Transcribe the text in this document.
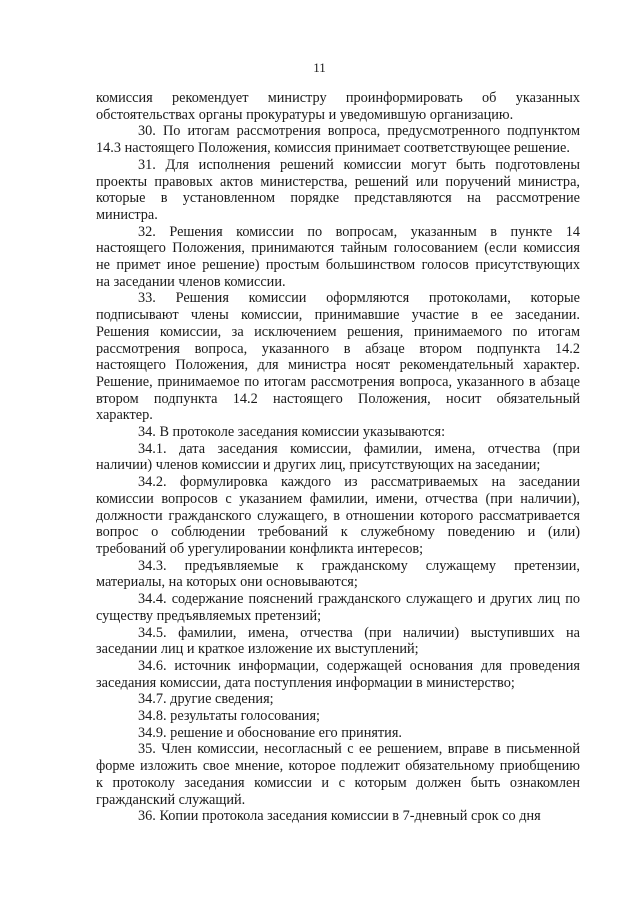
11

комиссия рекомендует министру проинформировать об указанных
обстоятельствах органы прокуратуры и уведомившую организацию.

30. По итогам рассмотрения вопроса, предусмотренного подпунктом
14.3 настоящего Положения, комиссия принимает соответствующее решение.

31. Для исполнения решений комиссии могут быть подготовлены
проекты правовых актов министерства, решений или поручений министра,
которые в установленном порядке представляются на рассмотрение
министра.

32. Решения комиссии по вопросам, указанным в пункте 14
настоящего Положения, принимаются тайным голосованием (если комиссия
не примет иное решение) простым большинством голосов присутствующих
на заседании членов комиссии.

33. Решения комиссии оформляются протоколами, которые
подписывают члены комиссии, принимавшие участие в ее заседании.
Решения комиссии, за исключением решения, принимаемого по итогам
рассмотрения вопроса, указанного в абзаце втором подпункта 14.2
настоящего Положения, для министра носят рекомендательный характер.
Решение, принимаемое по итогам рассмотрения вопроса, указанного в абзаце
втором подпункта 14.2 настоящего Положения, носит обязательный
характер.

34. В протоколе заседания комиссии указываются:

34.1. дата заседания комиссии, фамилии, имена, отчества (при
наличии) членов комиссии и других лиц, присутствующих на заседании;

34.2. формулировка каждого из рассматриваемых на заседании
комиссии вопросов с указанием фамилии, имени, отчества (при наличии),
должности гражданского служащего, в отношении которого рассматривается
вопрос о соблюдении требований к служебному поведению и (или)
требований об урегулировании конфликта интересов;

34.3. предъявляемые к гражданскому служащему претензии,
материалы, на которых они основываются;

34.4. содержание пояснений гражданского служащего и других лиц по
существу предъявляемых претензий;

34.5. фамилии, имена, отчества (при наличии) выступивших на
заседании лиц и краткое изложение их выступлений;

34.6. источник информации, содержащей основания для проведения
заседания комиссии, дата поступления информации в министерство;

34.7. другие сведения;

34.8. результаты голосования;

34.9. решение и обоснование его принятия.

35. Член комиссии, несогласный с ее решением, вправе в письменной
форме изложить свое мнение, которое подлежит обязательному приобщению
к протоколу заседания комиссии и с которым должен быть ознакомлен
гражданский служащий.

36. Копии протокола заседания комиссии в 7-дневный срок со дня
